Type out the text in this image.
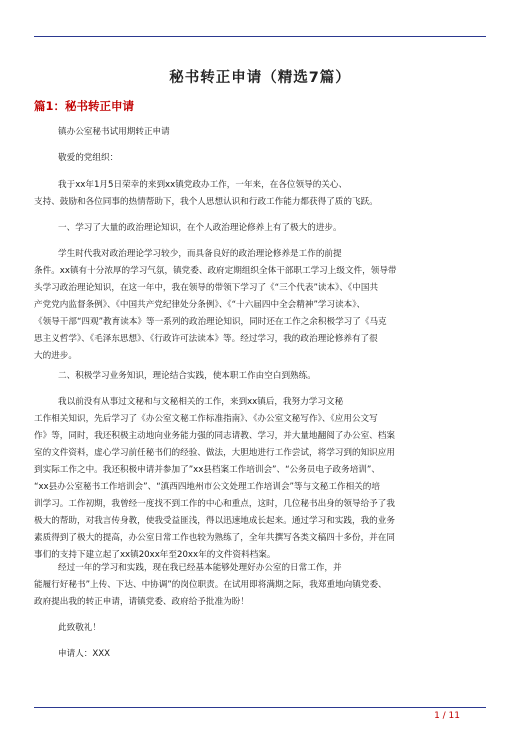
秘书转正申请（精选7篇）
篇1：秘书转正申请

镇办公室秘书试用期转正申请

敬爱的党组织：

我于xx年1月5日荣幸的来到xx镇党政办工作，一年来，在各位领导的关心、
支持、鼓励和各位同事的热情帮助下，我个人思想认识和行政工作能力都获得了质的飞跃。

一、学习了大量的政治理论知识，在个人政治理论修养上有了极大的进步。

学生时代我对政治理论学习较少，而具备良好的政治理论修养是工作的前提
条件。xx镇有十分浓厚的学习气氛，镇党委、政府定期组织全体干部职工学习上级文件，领导带
头学习政治理论知识，在这一年中，我在领导的带领下学习了《“三个代表”读本》、《中国共
产党党内监督条例》、《中国共产党纪律处分条例》、《“十六届四中全会精神”学习读本》、
《领导干部“四观”教育读本》等一系列的政治理论知识，同时还在工作之余积极学习了《马克
思主义哲学》、《毛泽东思想》、《行政许可法读本》等。经过学习，我的政治理论修养有了很
大的进步。

二、积极学习业务知识，理论结合实践，使本职工作由空白到熟练。

我以前没有从事过文秘和与文秘相关的工作，来到xx镇后，我努力学习文秘
工作相关知识，先后学习了《办公室文秘工作标准指南》、《办公室文秘写作》、《应用公文写
作》等，同时，我还积极主动地向业务能力强的同志请教、学习，并大量地翻阅了办公室、档案
室的文件资料，虚心学习前任秘书们的经验、做法，大胆地进行工作尝试，将学习到的知识应用
到实际工作之中。我还积极申请并参加了”xx县档案工作培训会”、“公务员电子政务培训”、
“xx县办公室秘书工作培训会”、“滇西四地州市公文处理工作培训会”等与文秘工作相关的培
训学习。工作初期，我曾经一度找不到工作的中心和重点，这时，几位秘书出身的领导给予了我
极大的帮助，对我言传身教，使我受益匪浅，得以迅速地成长起来。通过学习和实践，我的业务
素质得到了极大的提高，办公室日常工作也较为熟练了，全年共撰写各类文稿四十多份，并在同
事们的支持下建立起了xx镇20xx年至20xx年的文件资料档案。

经过一年的学习和实践，现在我已经基本能够处理好办公室的日常工作，并
能履行好秘书”上传、下达、中协调”的岗位职责。在试用即将满期之际，我郑重地向镇党委、
政府提出我的转正申请，请镇党委、政府给予批准为盼！

此致敬礼！

申请人：XXX

1 / 11
